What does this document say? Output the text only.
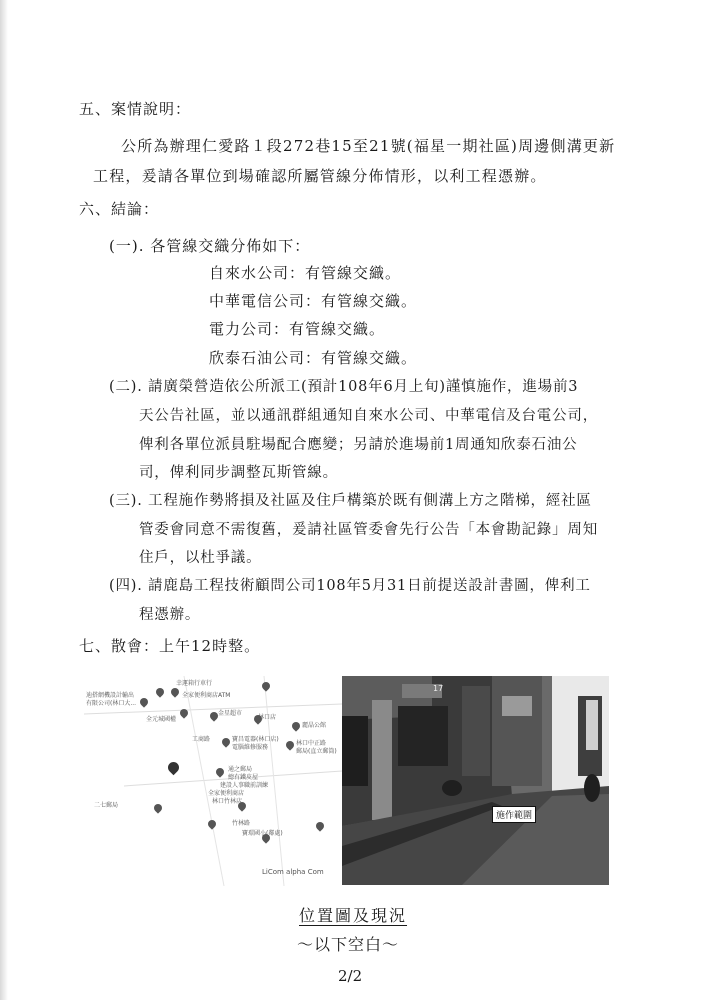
五、案情說明：
公所為辦理仁愛路１段272巷15至21號(福星一期社區)周邊側溝更新
工程，爰請各單位到場確認所屬管線分佈情形，以利工程憑辦。
六、結論：
(一). 各管線交織分佈如下：
自來水公司：有管線交織。
中華電信公司：有管線交織。
電力公司：有管線交織。
欣泰石油公司：有管線交織。
(二). 請廣榮營造依公所派工(預計108年6月上旬)謹慎施作，進場前3
天公告社區，並以通訊群組通知自來水公司、中華電信及台電公司，
俾利各單位派員駐場配合應變；另請於進場前1周通知欣泰石油公
司，俾利同步調整瓦斯管線。
(三). 工程施作勢將損及社區及住戶構築於既有側溝上方之階梯，經社區
管委會同意不需復舊，爰請社區管委會先行公告「本會勘記錄」周知
住戶，以杜爭議。
(四). 請鹿島工程技術顧問公司108年5月31日前提送設計書圖，俾利工
程憑辦。
七、散會：上午12時整。
幸運箱行車行
迪搭網機設計輸出
有限公司(林口大...
全家便利商店ATM
金星超市
全元城國權
工商路
林口店
麗晶公館
寶昌電器(林口店)
電腦維修服務
林口中正路
郵局(直立郵筒)
通之郵局
總有鐵皮屋
建設人事職前訓練
全家便利商店
林口竹林店
二七郵局
竹林路
寶璟國小(鄰處)
LiCom alpha Com
17
施作範圍
位置圖及現況
～以下空白～
2/2
